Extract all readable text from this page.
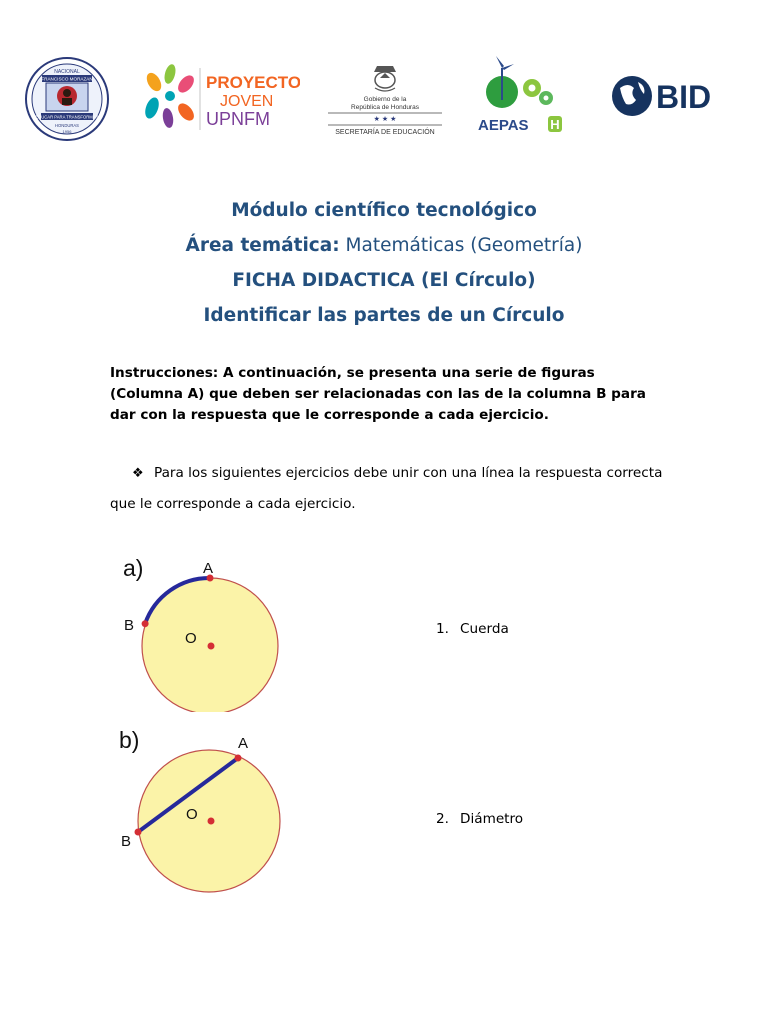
NACIONAL
FRANCISCO MORAZAN
EDUCAR PARA TRANSFORMAR
HONDURAS
1956
PROYECTO
JOVEN
UPNFM
Gobierno de la
República de Honduras
★ ★ ★
SECRETARÍA DE EDUCACIÓN	AEPAS H
BID
Módulo científico tecnológico
Área temática: Matemáticas (Geometría)
FICHA DIDACTICA (El Círculo)
Identificar las partes de un Círculo
Instrucciones: A continuación, se presenta una serie de figuras (Columna A) que deben ser relacionadas con las de la columna B para dar con la respuesta que le corresponde a cada ejercicio.
❖ Para los siguientes ejercicios debe unir con una línea la respuesta correcta que le corresponde a cada ejercicio.
a)	A
B
O
b)	A
B
O
1. Cuerda
2. Diámetro
